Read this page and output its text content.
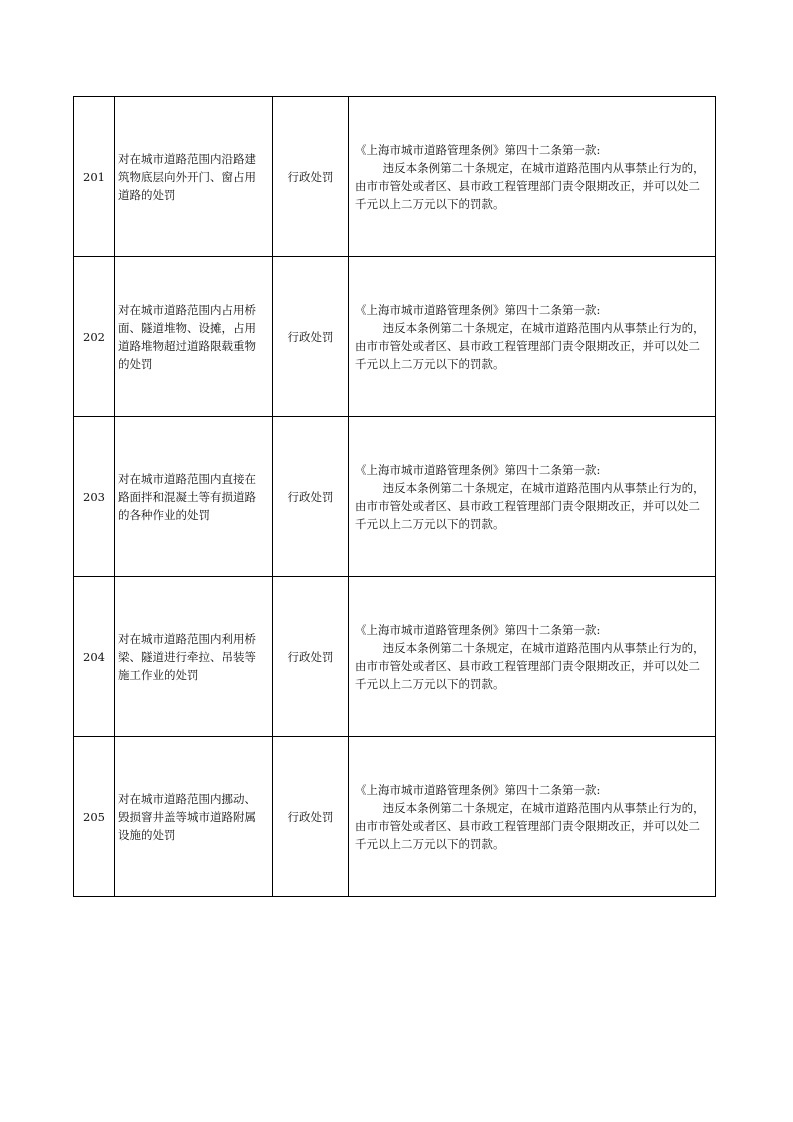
201	对在城市道路范围内沿路建筑物底层向外开门、窗占用道路的处罚	行政处罚	《上海市城市道路管理条例》第四十二条第一款:
违反本条例第二十条规定，在城市道路范围内从事禁止行为的，由市市管处或者区、县市政工程管理部门责令限期改正，并可以处二千元以上二万元以下的罚款。

202	对在城市道路范围内占用桥面、隧道堆物、设摊，占用道路堆物超过道路限载重物的处罚	行政处罚	《上海市城市道路管理条例》第四十二条第一款:
违反本条例第二十条规定，在城市道路范围内从事禁止行为的，由市市管处或者区、县市政工程管理部门责令限期改正，并可以处二千元以上二万元以下的罚款。

203	对在城市道路范围内直接在路面拌和混凝土等有损道路的各种作业的处罚	行政处罚	《上海市城市道路管理条例》第四十二条第一款:
违反本条例第二十条规定，在城市道路范围内从事禁止行为的，由市市管处或者区、县市政工程管理部门责令限期改正，并可以处二千元以上二万元以下的罚款。

204	对在城市道路范围内利用桥梁、隧道进行牵拉、吊装等施工作业的处罚	行政处罚	《上海市城市道路管理条例》第四十二条第一款:
违反本条例第二十条规定，在城市道路范围内从事禁止行为的，由市市管处或者区、县市政工程管理部门责令限期改正，并可以处二千元以上二万元以下的罚款。

205	对在城市道路范围内挪动、毁损窨井盖等城市道路附属设施的处罚	行政处罚	《上海市城市道路管理条例》第四十二条第一款:
违反本条例第二十条规定，在城市道路范围内从事禁止行为的，由市市管处或者区、县市政工程管理部门责令限期改正，并可以处二千元以上二万元以下的罚款。
